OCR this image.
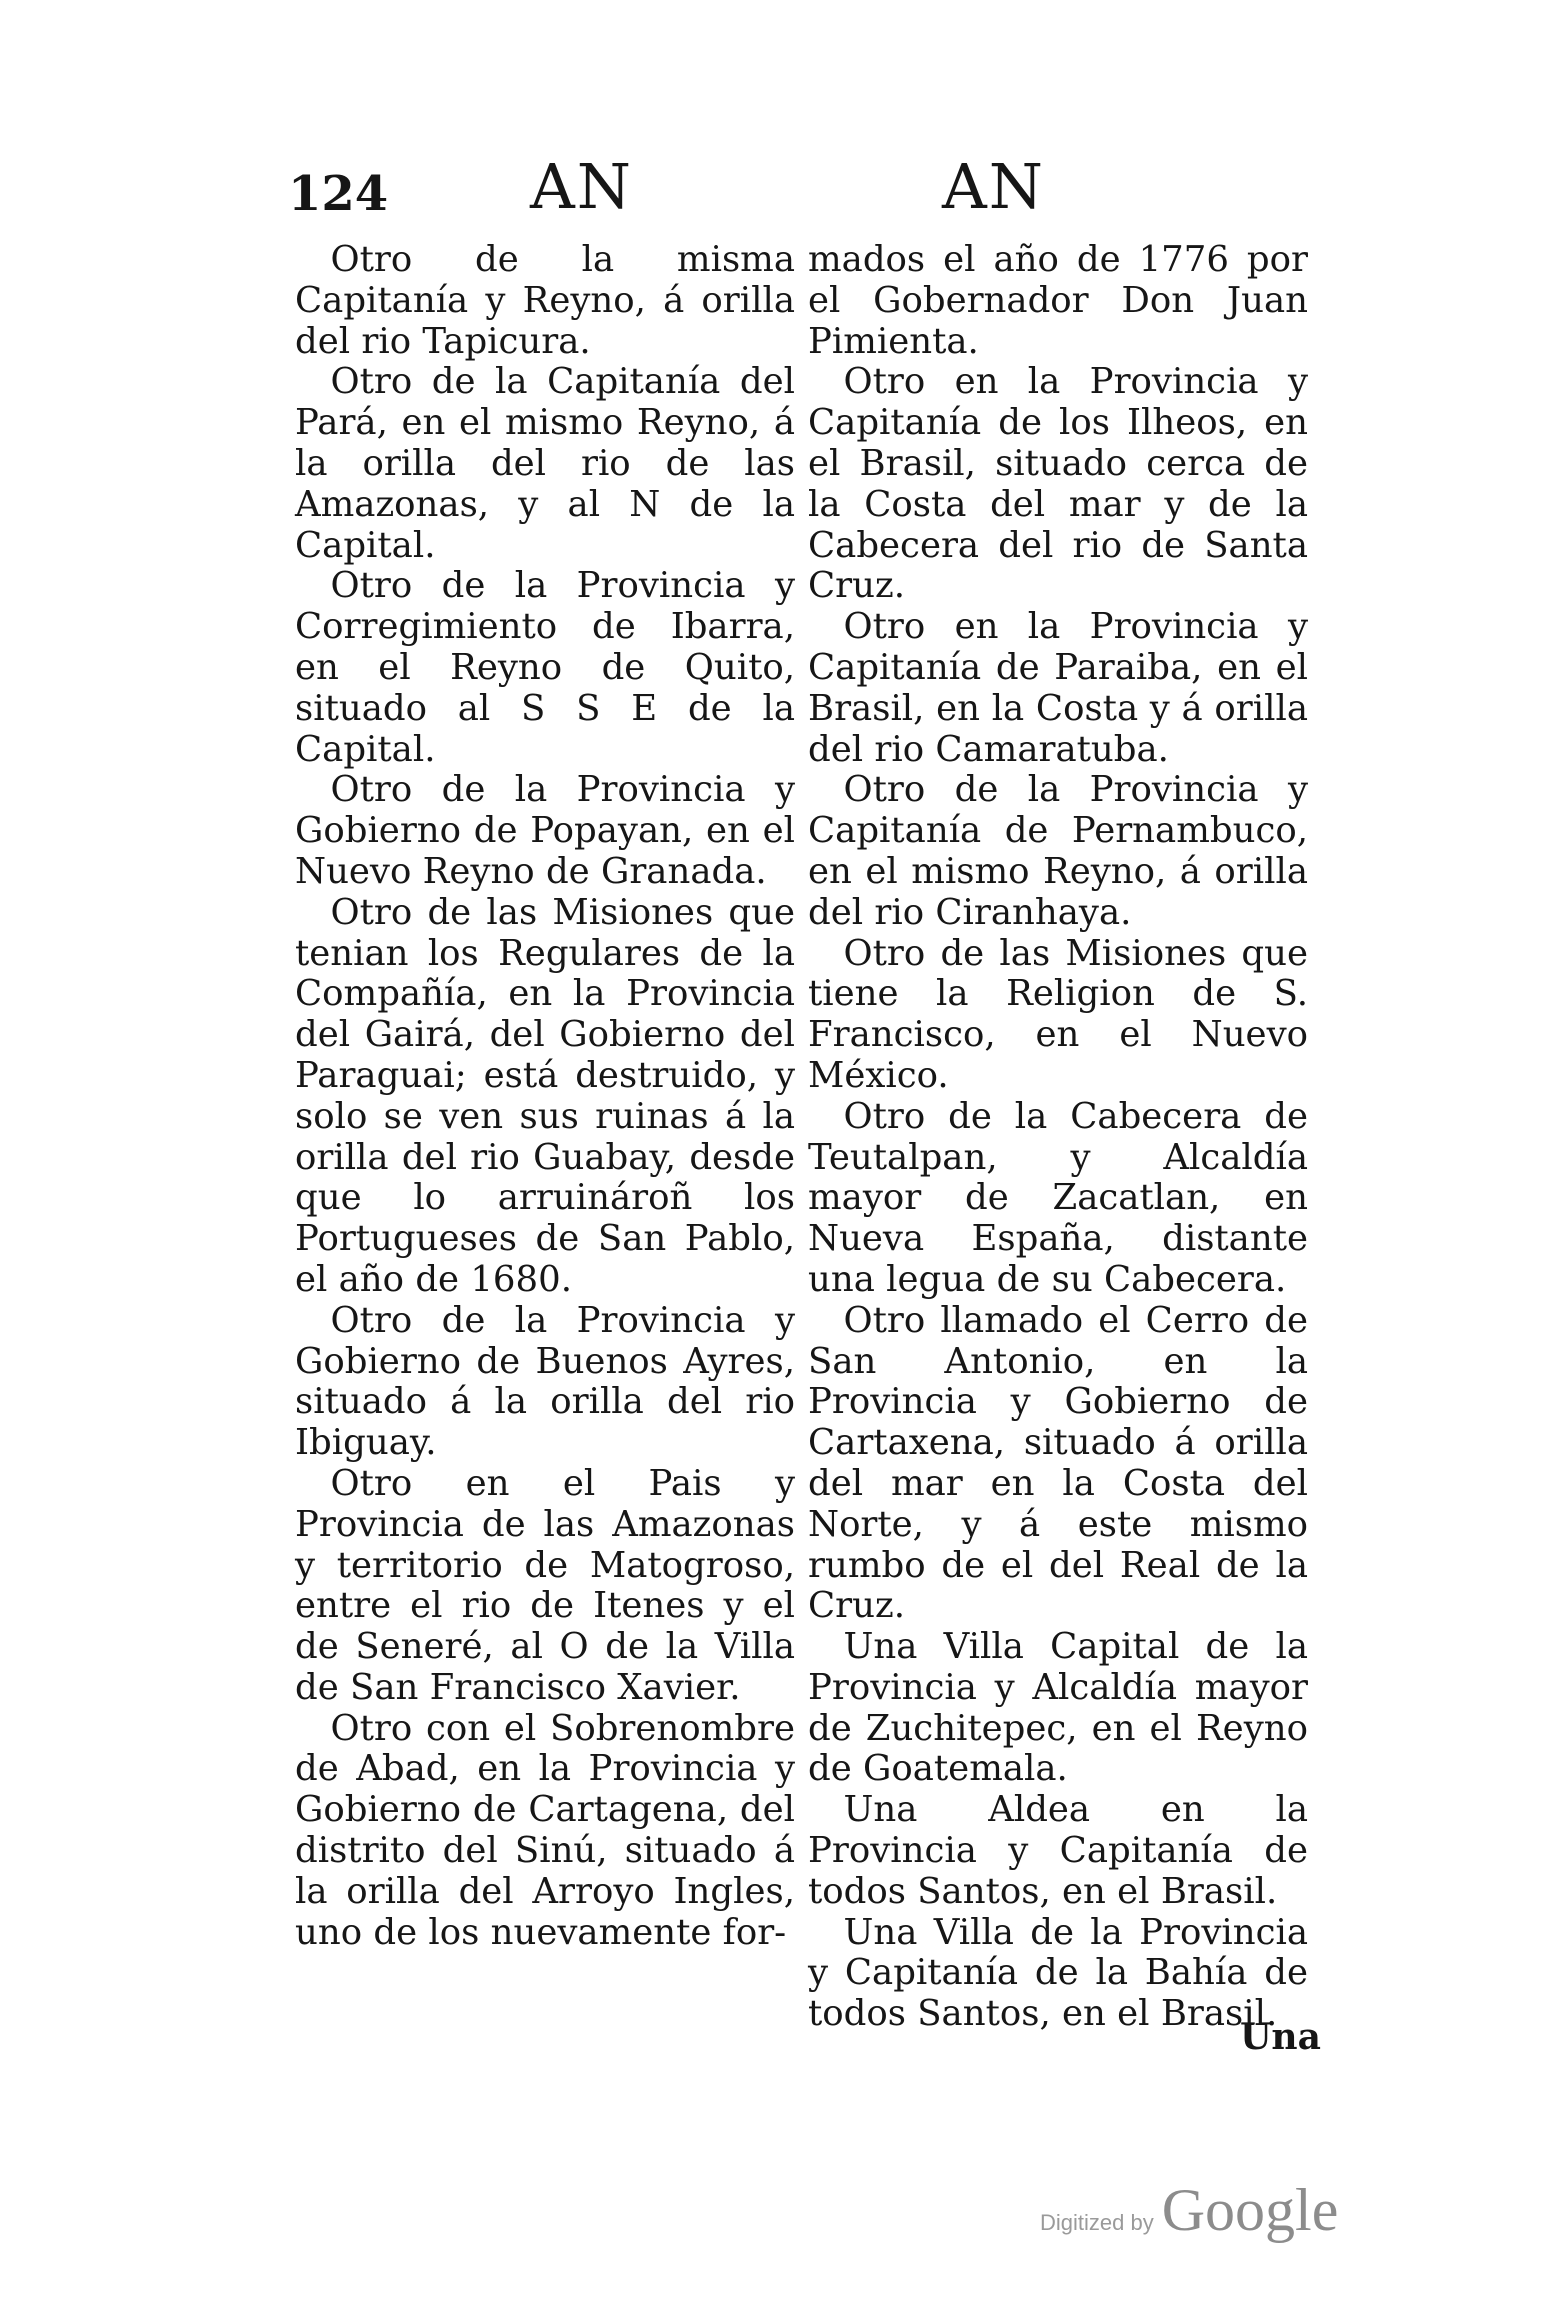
124 AN	AN

Otro de la misma Capitanía y Reyno, á orilla del rio Tapicura.

Otro de la Capitanía del Pará, en el mismo Reyno, á la orilla del rio de las Amazonas, y al N de la Capital.

Otro de la Provincia y Corregimiento de Ibarra, en el Reyno de Quito, situado al S S E de la Capital.

Otro de la Provincia y Gobierno de Popayan, en el Nuevo Reyno de Granada.

Otro de las Misiones que tenian los Regulares de la Compañía, en la Provincia del Gairá, del Gobierno del Paraguai; está destruido, y solo se ven sus ruinas á la orilla del rio Guabay, desde que lo arruinároñ los Portugueses de San Pablo, el año de 1680.

Otro de la Provincia y Gobierno de Buenos Ayres, situado á la orilla del rio Ibiguay.

Otro en el Pais y Provincia de las Amazonas y territorio de Matogroso, entre el rio de Itenes y el de Seneré, al O de la Villa de San Francisco Xavier.

Otro con el Sobrenombre de Abad, en la Provincia y Gobierno de Cartagena, del distrito del Sinú, situado á la orilla del Arroyo Ingles, uno de los nuevamente for-

mados el año de 1776 por el Gobernador Don Juan Pimienta.

Otro en la Provincia y Capitanía de los Ilheos, en el Brasil, situado cerca de la Costa del mar y de la Cabecera del rio de Santa Cruz.

Otro en la Provincia y Capitanía de Paraiba, en el Brasil, en la Costa y á orilla del rio Camaratuba.

Otro de la Provincia y Capitanía de Pernambuco, en el mismo Reyno, á orilla del rio Ciranhaya.

Otro de las Misiones que tiene la Religion de S. Francisco, en el Nuevo México.

Otro de la Cabecera de Teutalpan, y Alcaldía mayor de Zacatlan, en Nueva España, distante una legua de su Cabecera.

Otro llamado el Cerro de San Antonio, en la Provincia y Gobierno de Cartaxena, situado á orilla del mar en la Costa del Norte, y á este mismo rumbo de el del Real de la Cruz.

Una Villa Capital de la Provincia y Alcaldía mayor de Zuchitepec, en el Reyno de Goatemala.

Una Aldea en la Provincia y Capitanía de todos Santos, en el Brasil.

Una Villa de la Provincia y Capitanía de la Bahía de todos Santos, en el Brasil.

Una
Digitized by Google
